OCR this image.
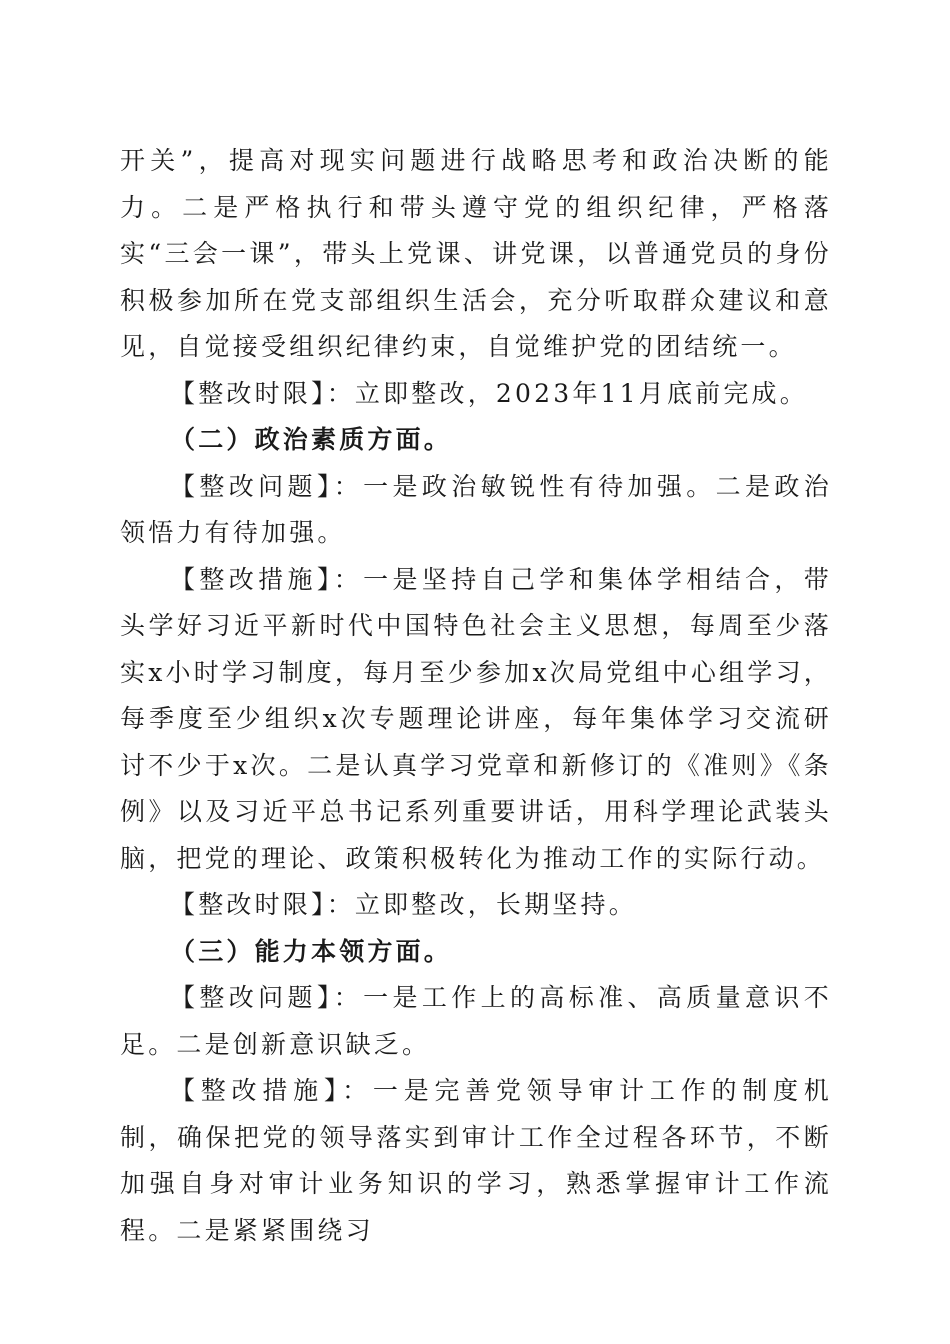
开关”，提高对现实问题进行战略思考和政治决断的能力。二是严格执行和带头遵守党的组织纪律，严格落实“三会一课”，带头上党课、讲党课，以普通党员的身份积极参加所在党支部组织生活会，充分听取群众建议和意见，自觉接受组织纪律约束，自觉维护党的团结统一。

【整改时限】：立即整改，2023年11月底前完成。

（二）政治素质方面。

【整改问题】：一是政治敏锐性有待加强。二是政治领悟力有待加强。

【整改措施】：一是坚持自己学和集体学相结合，带头学好习近平新时代中国特色社会主义思想，每周至少落实x小时学习制度，每月至少参加x次局党组中心组学习，每季度至少组织x次专题理论讲座，每年集体学习交流研讨不少于x次。二是认真学习党章和新修订的《准则》《条例》以及习近平总书记系列重要讲话，用科学理论武装头脑，把党的理论、政策积极转化为推动工作的实际行动。

【整改时限】：立即整改，长期坚持。

（三）能力本领方面。

【整改问题】：一是工作上的高标准、高质量意识不足。二是创新意识缺乏。

【整改措施】：一是完善党领导审计工作的制度机制，确保把党的领导落实到审计工作全过程各环节，不断加强自身对审计业务知识的学习，熟悉掌握审计工作流程。二是紧紧围绕习
